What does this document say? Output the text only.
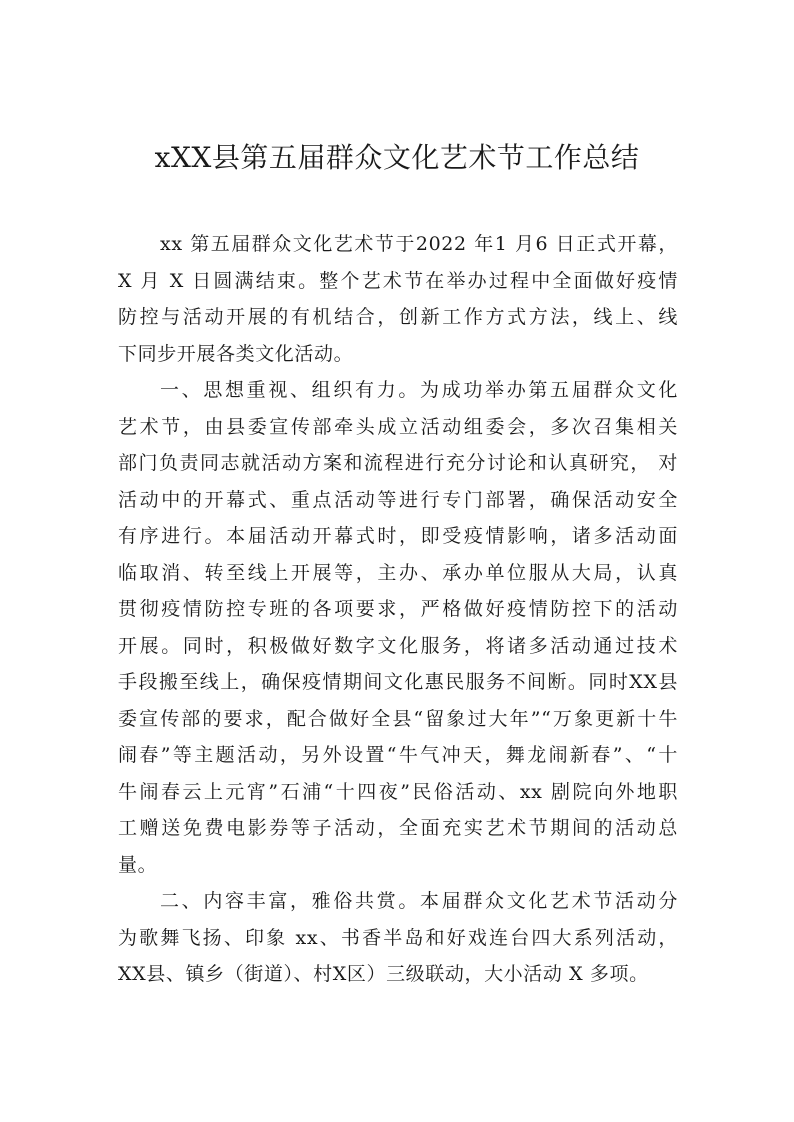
xXX县第五届群众文化艺术节工作总结
xx 第五届群众文化艺术节于2022 年1 月6 日正式开幕，
X 月 X 日圆满结束。整个艺术节在举办过程中全面做好疫情
防控与活动开展的有机结合，创新工作方式方法，线上、线
下同步开展各类文化活动。
一、思想重视、组织有力。为成功举办第五届群众文化
艺术节，由县委宣传部牵头成立活动组委会，多次召集相关
部门负责同志就活动方案和流程进行充分讨论和认真研究， 对
活动中的开幕式、重点活动等进行专门部署，确保活动安全
有序进行。本届活动开幕式时，即受疫情影响，诸多活动面
临取消、转至线上开展等，主办、承办单位服从大局，认真
贯彻疫情防控专班的各项要求，严格做好疫情防控下的活动
开展。同时，积极做好数字文化服务，将诸多活动通过技术
手段搬至线上，确保疫情期间文化惠民服务不间断。同时XX县
委宣传部的要求，配合做好全县“留象过大年”“万象更新十牛
闹春”等主题活动，另外设置“牛气冲天，舞龙闹新春”、“十
牛闹春云上元宵”石浦“十四夜”民俗活动、xx 剧院向外地职
工赠送免费电影券等子活动，全面充实艺术节期间的活动总
量。
二、内容丰富，雅俗共赏。本届群众文化艺术节活动分
为歌舞飞扬、印象 xx、书香半岛和好戏连台四大系列活动，
XX县、镇乡（街道）、村X区）三级联动，大小活动 X 多项。
